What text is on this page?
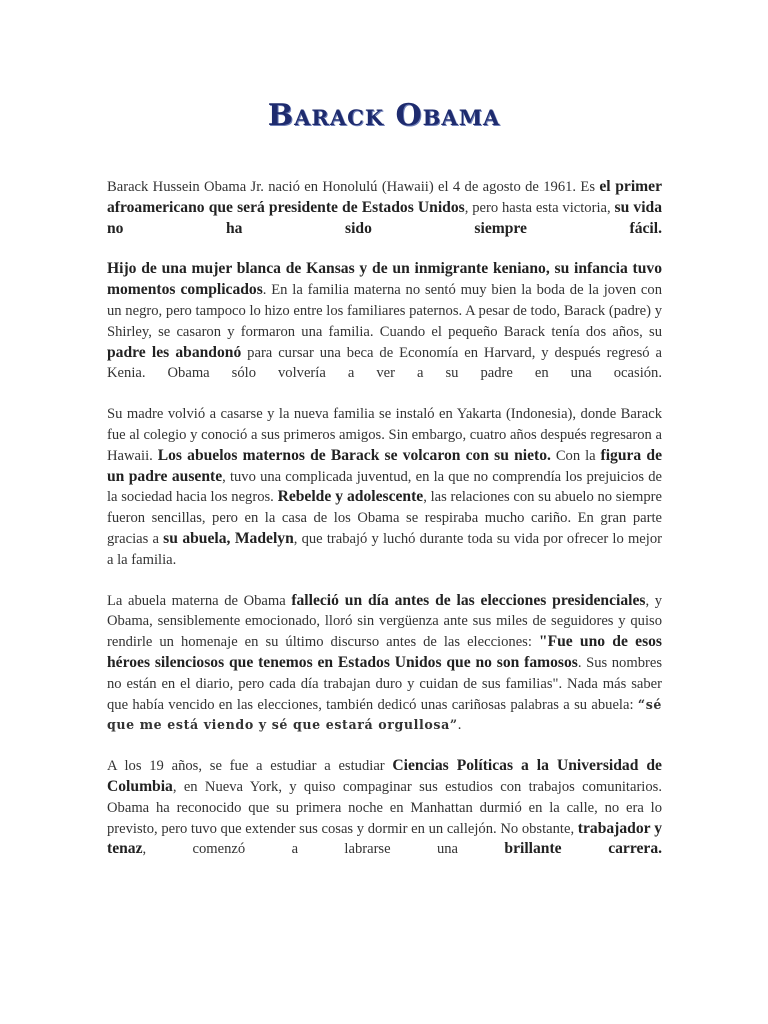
Barack Obama

Barack Hussein Obama Jr. nació en Honolulú (Hawaii) el 4 de agosto de 1961. Es el primer afroamericano que será presidente de Estados Unidos, pero hasta esta victoria, su vida no ha sido siempre fácil.

Hijo de una mujer blanca de Kansas y de un inmigrante keniano, su infancia tuvo momentos complicados. En la familia materna no sentó muy bien la boda de la joven con un negro, pero tampoco lo hizo entre los familiares paternos. A pesar de todo, Barack (padre) y Shirley, se casaron y formaron una familia. Cuando el pequeño Barack tenía dos años, su padre les abandonó para cursar una beca de Economía en Harvard, y después regresó a Kenia. Obama sólo volvería a ver a su padre en una ocasión.

Su madre volvió a casarse y la nueva familia se instaló en Yakarta (Indonesia), donde Barack fue al colegio y conoció a sus primeros amigos. Sin embargo, cuatro años después regresaron a Hawaii. Los abuelos maternos de Barack se volcaron con su nieto. Con la figura de un padre ausente, tuvo una complicada juventud, en la que no comprendía los prejuicios de la sociedad hacia los negros. Rebelde y adolescente, las relaciones con su abuelo no siempre fueron sencillas, pero en la casa de los Obama se respiraba mucho cariño. En gran parte gracias a su abuela, Madelyn, que trabajó y luchó durante toda su vida por ofrecer lo mejor a la familia.

La abuela materna de Obama falleció un día antes de las elecciones presidenciales, y Obama, sensiblemente emocionado, lloró sin vergüenza ante sus miles de seguidores y quiso rendirle un homenaje en su último discurso antes de las elecciones: "Fue uno de esos héroes silenciosos que tenemos en Estados Unidos que no son famosos. Sus nombres no están en el diario, pero cada día trabajan duro y cuidan de sus familias". Nada más saber que había vencido en las elecciones, también dedicó unas cariñosas palabras a su abuela: “sé que me está viendo y sé que estará orgullosa”.

A los 19 años, se fue a estudiar a estudiar Ciencias Políticas a la Universidad de Columbia, en Nueva York, y quiso compaginar sus estudios con trabajos comunitarios. Obama ha reconocido que su primera noche en Manhattan durmió en la calle, no era lo previsto, pero tuvo que extender sus cosas y dormir en un callejón. No obstante, trabajador y tenaz, comenzó a labrarse una brillante carrera.
